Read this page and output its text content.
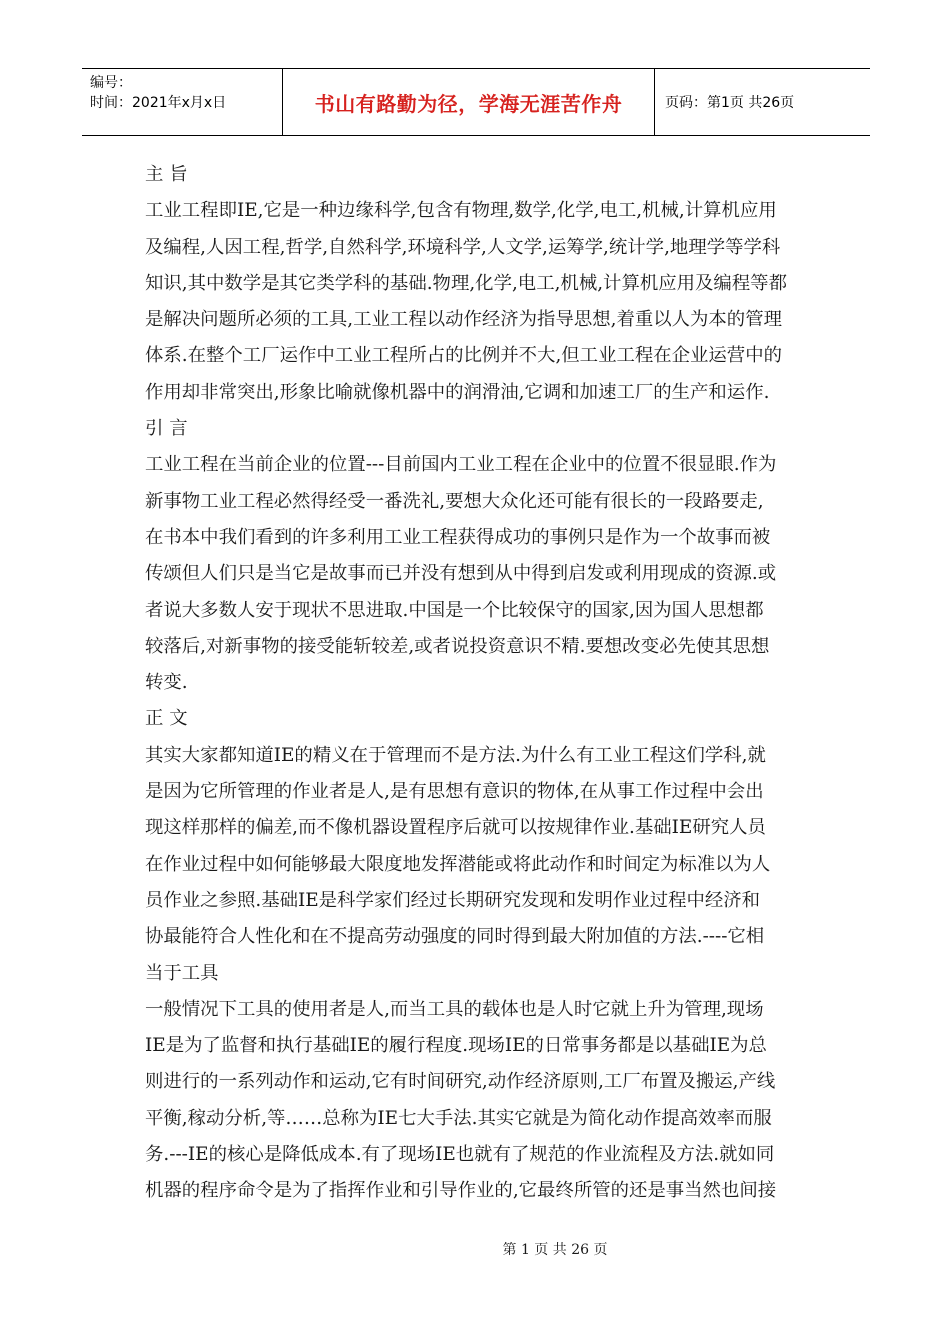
编号：
时间：2021年x月x日	书山有路勤为径，学海无涯苦作舟	页码：第1页 共26页
主 旨
工业工程即IE,它是一种边缘科学,包含有物理,数学,化学,电工,机械,计算机应用
及编程,人因工程,哲学,自然科学,环境科学,人文学,运筹学,统计学,地理学等学科
知识,其中数学是其它类学科的基础.物理,化学,电工,机械,计算机应用及编程等都
是解决问题所必须的工具,工业工程以动作经济为指导思想,着重以人为本的管理
体系.在整个工厂运作中工业工程所占的比例并不大,但工业工程在企业运营中的
作用却非常突出,形象比喻就像机器中的润滑油,它调和加速工厂的生产和运作.
引 言
工业工程在当前企业的位置---目前国内工业工程在企业中的位置不很显眼.作为
新事物工业工程必然得经受一番洗礼,要想大众化还可能有很长的一段路要走,
在书本中我们看到的许多利用工业工程获得成功的事例只是作为一个故事而被
传颂但人们只是当它是故事而已并没有想到从中得到启发或利用现成的资源.或
者说大多数人安于现状不思进取.中国是一个比较保守的国家,因为国人思想都
较落后,对新事物的接受能斩较差,或者说投资意识不精.要想改变必先使其思想
转变.
正 文
其实大家都知道IE的精义在于管理而不是方法.为什么有工业工程这们学科,就
是因为它所管理的作业者是人,是有思想有意识的物体,在从事工作过程中会出
现这样那样的偏差,而不像机器设置程序后就可以按规律作业.基础IE研究人员
在作业过程中如何能够最大限度地发挥潜能或将此动作和时间定为标准以为人
员作业之参照.基础IE是科学家们经过长期研究发现和发明作业过程中经济和
协最能符合人性化和在不提高劳动强度的同时得到最大附加值的方法.----它相
当于工具
一般情况下工具的使用者是人,而当工具的载体也是人时它就上升为管理,现场
IE是为了监督和执行基础IE的履行程度.现场IE的日常事务都是以基础IE为总
则进行的一系列动作和运动,它有时间研究,动作经济原则,工厂布置及搬运,产线
平衡,稼动分析,等……总称为IE七大手法.其实它就是为简化动作提高效率而服
务.---IE的核心是降低成本.有了现场IE也就有了规范的作业流程及方法.就如同
机器的程序命令是为了指挥作业和引导作业的,它最终所管的还是事当然也间接
第 1 页 共 26 页
